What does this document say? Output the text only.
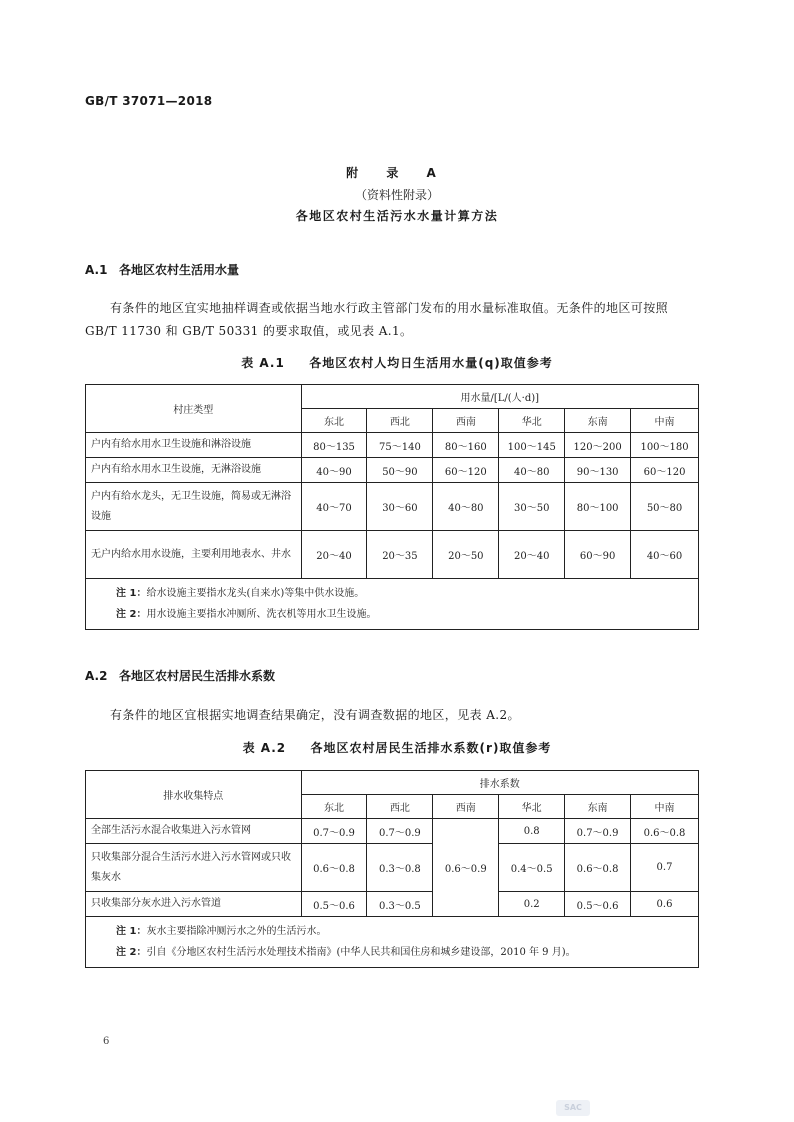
GB/T 37071—2018
附 录 A
（资料性附录）
各地区农村生活污水水量计算方法
A.1 各地区农村生活用水量
有条件的地区宜实地抽样调查或依据当地水行政主管部门发布的用水量标准取值。无条件的地区可按照 GB/T 11730 和 GB/T 50331 的要求取值，或见表 A.1。
表 A.1 各地区农村人均日生活用水量(q)取值参考
村庄类型	用水量/[L/(人·d)]					
	东北	西北	西南	华北	东南	中南
户内有给水用水卫生设施和淋浴设施	80～135	75～140	80～160	100～145	120～200	100～180
户内有给水用水卫生设施，无淋浴设施	40～90	50～90	60～120	40～80	90～130	60～120
户内有给水龙头，无卫生设施，简易或无淋浴设施	40～70	30～60	40～80	30～50	80～100	50～80
无户内给水用水设施，主要利用地表水、井水	20～40	20～35	20～50	20～40	60～90	40～60

注 1：给水设施主要指水龙头(自来水)等集中供水设施。
注 2：用水设施主要指水冲厕所、洗衣机等用水卫生设施。						
A.2 各地区农村居民生活排水系数
有条件的地区宜根据实地调查结果确定，没有调查数据的地区，见表 A.2。
表 A.2 各地区农村居民生活排水系数(r)取值参考
排水收集特点	排水系数					
	东北	西北	西南	华北	东南	中南
全部生活污水混合收集进入污水管网	0.7～0.9	0.7～0.9	0.6～0.9	0.8	0.7～0.9	0.6～0.8
只收集部分混合生活污水进入污水管网或只收集灰水	0.6～0.8	0.3～0.8		0.4～0.5	0.6～0.8	0.7
只收集部分灰水进入污水管道	0.5～0.6	0.3～0.5		0.2	0.5～0.6	0.6

注 1：灰水主要指除冲厕污水之外的生活污水。
注 2：引自《分地区农村生活污水处理技术指南》(中华人民共和国住房和城乡建设部，2010 年 9 月)。						
6
SAC
